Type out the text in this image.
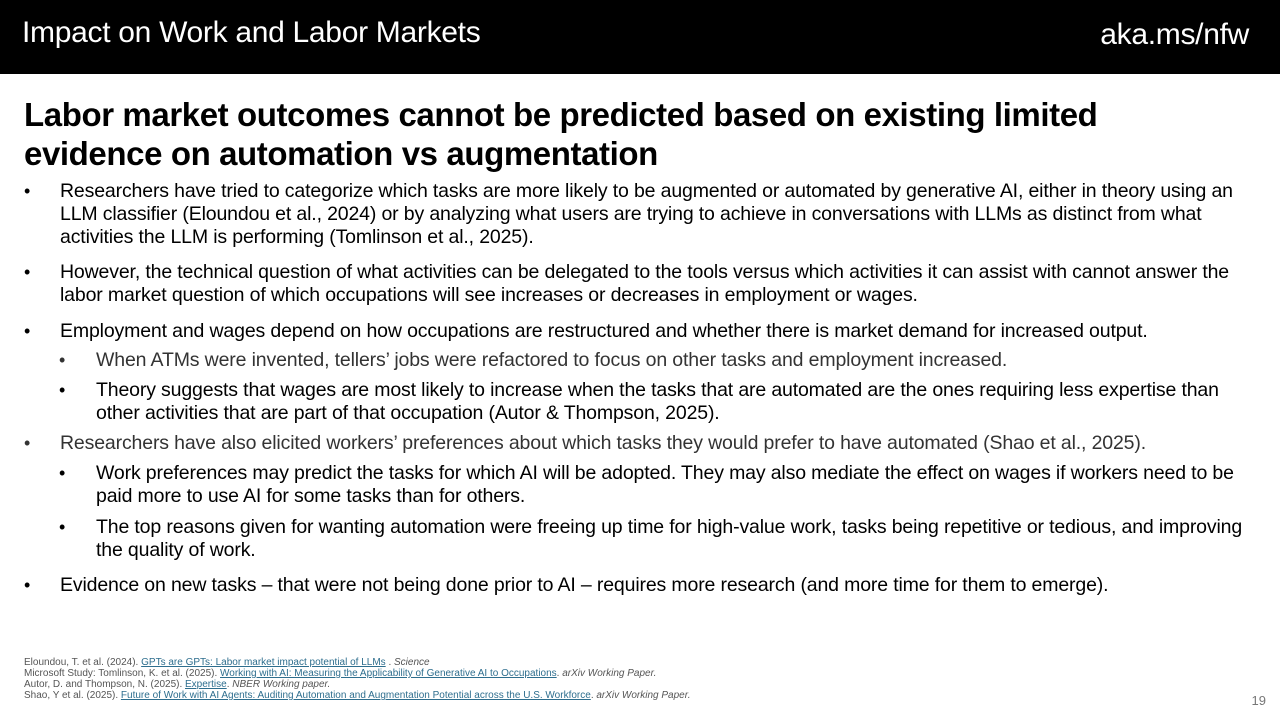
Impact on Work and Labor Markets	aka.ms/nfw
Labor market outcomes cannot be predicted based on existing limited evidence on automation vs augmentation
• Researchers have tried to categorize which tasks are more likely to be augmented or automated by generative AI, either in theory using an LLM classifier (Eloundou et al., 2024) or by analyzing what users are trying to achieve in conversations with LLMs as distinct from what activities the LLM is performing (Tomlinson et al., 2025).
• However, the technical question of what activities can be delegated to the tools versus which activities it can assist with cannot answer the labor market question of which occupations will see increases or decreases in employment or wages.
• Employment and wages depend on how occupations are restructured and whether there is market demand for increased output.
• When ATMs were invented, tellers’ jobs were refactored to focus on other tasks and employment increased.
• Theory suggests that wages are most likely to increase when the tasks that are automated are the ones requiring less expertise than other activities that are part of that occupation (Autor & Thompson, 2025).
• Researchers have also elicited workers’ preferences about which tasks they would prefer to have automated (Shao et al., 2025).
• Work preferences may predict the tasks for which AI will be adopted. They may also mediate the effect on wages if workers need to be paid more to use AI for some tasks than for others.
• The top reasons given for wanting automation were freeing up time for high-value work, tasks being repetitive or tedious, and improving the quality of work.
• Evidence on new tasks – that were not being done prior to AI – requires more research (and more time for them to emerge).
Eloundou, T. et al. (2024). GPTs are GPTs: Labor market impact potential of LLMs . Science
Microsoft Study: Tomlinson, K. et al. (2025). Working with AI: Measuring the Applicability of Generative AI to Occupations. arXiv Working Paper.
Autor, D. and Thompson, N. (2025). Expertise. NBER Working paper.
Shao, Y et al. (2025). Future of Work with AI Agents: Auditing Automation and Augmentation Potential across the U.S. Workforce. arXiv Working Paper.	19
